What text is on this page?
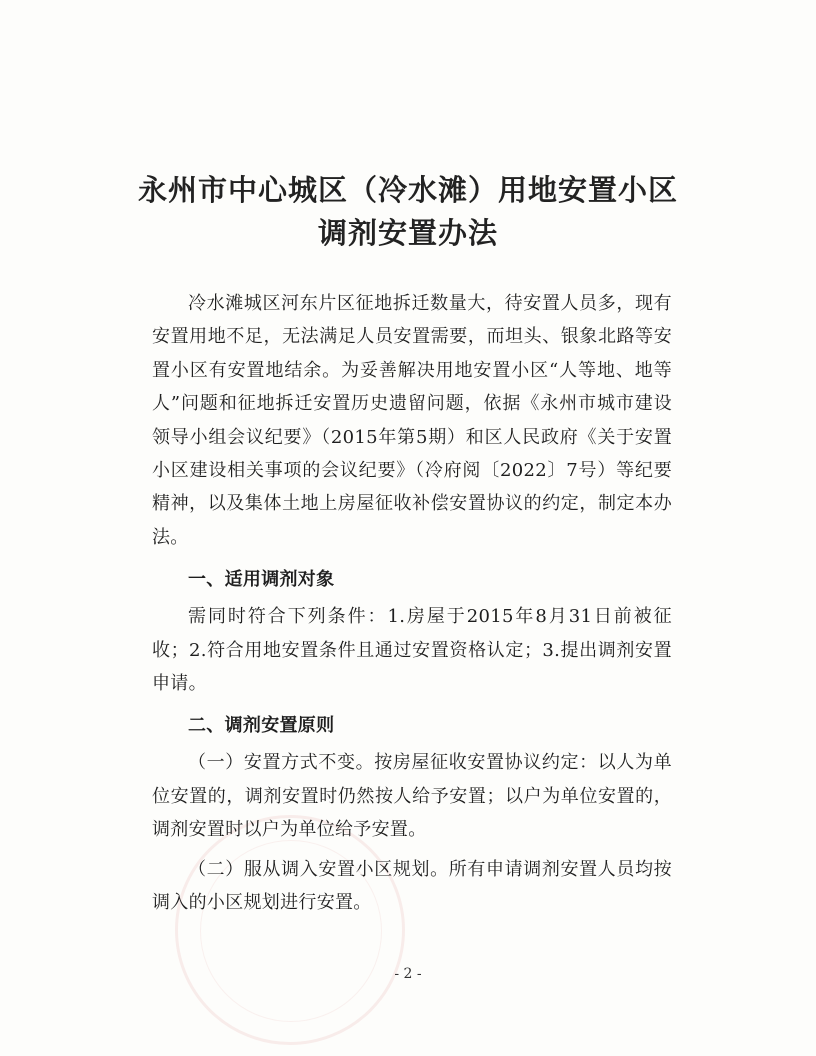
永州市中心城区（冷水滩）用地安置小区
调剂安置办法

冷水滩城区河东片区征地拆迁数量大，待安置人员多，现有安置用地不足，无法满足人员安置需要，而坦头、银象北路等安置小区有安置地结余。为妥善解决用地安置小区“人等地、地等人”问题和征地拆迁安置历史遗留问题，依据《永州市城市建设领导小组会议纪要》（2015年第5期）和区人民政府《关于安置小区建设相关事项的会议纪要》（冷府阅〔2022〕7号）等纪要精神，以及集体土地上房屋征收补偿安置协议的约定，制定本办法。

一、适用调剂对象

需同时符合下列条件：1.房屋于2015年8月31日前被征收；2.符合用地安置条件且通过安置资格认定；3.提出调剂安置申请。

二、调剂安置原则

（一）安置方式不变。按房屋征收安置协议约定：以人为单位安置的，调剂安置时仍然按人给予安置；以户为单位安置的，调剂安置时以户为单位给予安置。

（二）服从调入安置小区规划。所有申请调剂安置人员均按调入的小区规划进行安置。

- 2 -
